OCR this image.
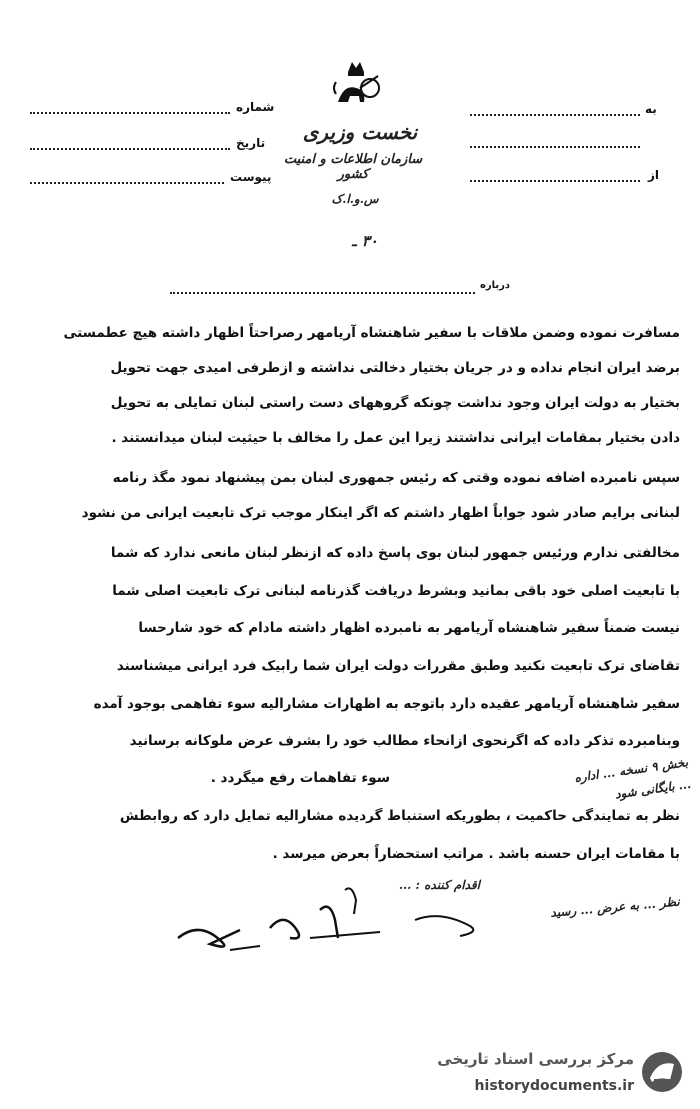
نخست وزیری
سازمان اطلاعات و امنیت کشور
س.و.ا.ک
٣٠ ـ
به
از
شماره
تاریخ
پیوست
درباره
مسافرت نموده وضمن ملاقات با سفیر شاهنشاه آریامهر رصراحتاً اظهار داشته هیچ عطمستی
برضد ایران انجام نداده و در جریان بختیار دخالتی نداشته و ازطرفی امیدی جهت تحویل
بختیار به دولت ایران وجود نداشت چونکه گروههای دست راستی لبنان تمایلی به تحویل
دادن بختیار بمقامات ایرانی نداشتند زیرا این عمل را مخالف با حیثیت لبنان میدانستند .
سپس نامبرده اضافه نموده وقتی که رئیس جمهوری لبنان بمن پیشنهاد نمود مگذ رنامه
لبنانی برایم صادر شود جواباً اظهار داشتم که اگر اینکار موجب ترک تابعیت ایرانی من نشود
مخالفتی ندارم ورئیس جمهور لبنان بوی پاسخ داده که ازنظر لبنان مانعی ندارد که شما
با تابعیت اصلی خود باقی بمانید وبشرط دریافت گذرنامه لبنانی ترک تابعیت اصلی شما
نیست ضمناً سفیر شاهنشاه آریامهر به نامبرده اظهار داشته مادام که خود شارحسا
تقاضای ترک تابعیت نکنید وطبق مقررات دولت ایران شما رابیک فرد ایرانی میشناسند
سفیر شاهنشاه آریامهر عقیده دارد باتوجه به اظهارات مشارالیه سوء تفاهمی بوجود آمده
وبنامبرده تذکر داده که اگرنحوی ازانحاء مطالب خود را بشرف عرض ملوکانه برسانید
سوء تفاهمات رفع میگردد .
نظر به تمایندگی حاکمیت ، بطوریکه استنباط گردیده مشارالیه تمایل دارد که روابطش
با مقامات ایران حسنه باشد . مراتب استحضاراً بعرض میرسد .
اقدام کننده : ...
بخش ٩ نسخه ... اداره ... بایگانی شود
نظر ... به عرض ... رسید
مرکز بررسی اسناد تاریخی
historydocuments.ir
